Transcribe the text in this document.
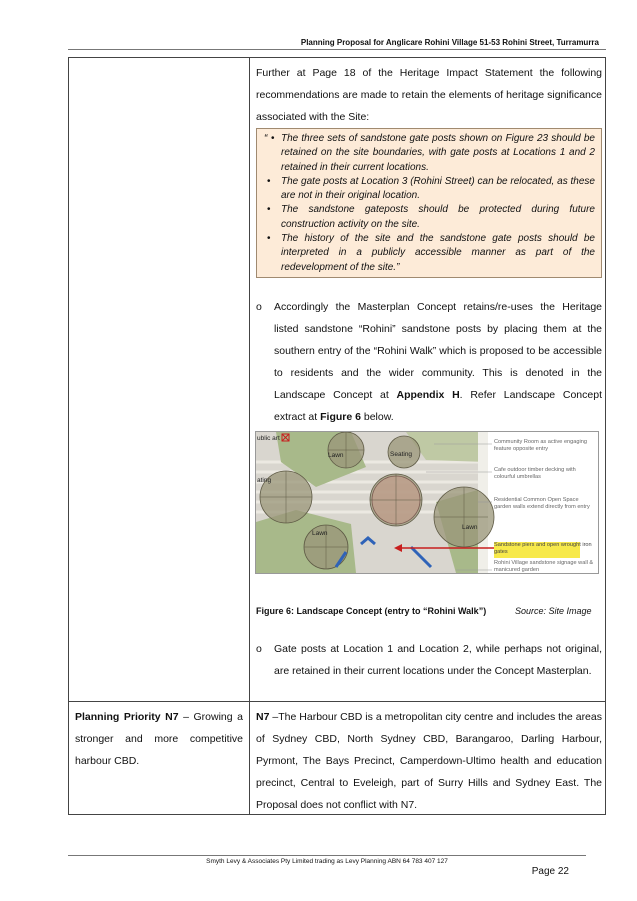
Planning Proposal for Anglicare Rohini Village 51-53 Rohini Street, Turramurra
Further at Page 18 of the Heritage Impact Statement the following recommendations are made to retain the elements of heritage significance associated with the Site:
“ • The three sets of sandstone gate posts shown on Figure 23 should be retained on the site boundaries, with gate posts at Locations 1 and 2 retained in their current locations.
• The gate posts at Location 3 (Rohini Street) can be relocated, as these are not in their original location.
• The sandstone gateposts should be protected during future construction activity on the site.
• The history of the site and the sandstone gate posts should be interpreted in a publicly accessible manner as part of the redevelopment of the site.”
o Accordingly the Masterplan Concept retains/re-uses the Heritage listed sandstone “Rohini” sandstone posts by placing them at the southern entry of the “Rohini Walk” which is proposed to be accessible to residents and the wider community. This is denoted in the Landscape Concept at Appendix H. Refer Landscape Concept extract at Figure 6 below.
ublic art
Lawn	Seating
ating
Lawn
Lawn
Community Room as active engaging feature opposite entry
Cafe outdoor timber decking with colourful umbrellas
Residential Common Open Space garden walls extend directly from entry
Sandstone piers and open wrought iron gates
Rohini Village sandstone signage wall & manicured garden
Figure 6: Landscape Concept (entry to “Rohini Walk”)	Source: Site Image
o Gate posts at Location 1 and Location 2, while perhaps not original, are retained in their current locations under the Concept Masterplan.
Planning Priority N7 – Growing a stronger and more competitive harbour CBD.
N7 –The Harbour CBD is a metropolitan city centre and includes the areas of Sydney CBD, North Sydney CBD, Barangaroo, Darling Harbour, Pyrmont, The Bays Precinct, Camperdown-Ultimo health and education precinct, Central to Eveleigh, part of Surry Hills and Sydney East. The Proposal does not conflict with N7.
Smyth Levy & Associates Pty Limited trading as Levy Planning ABN 64 783 407 127
Page 22
